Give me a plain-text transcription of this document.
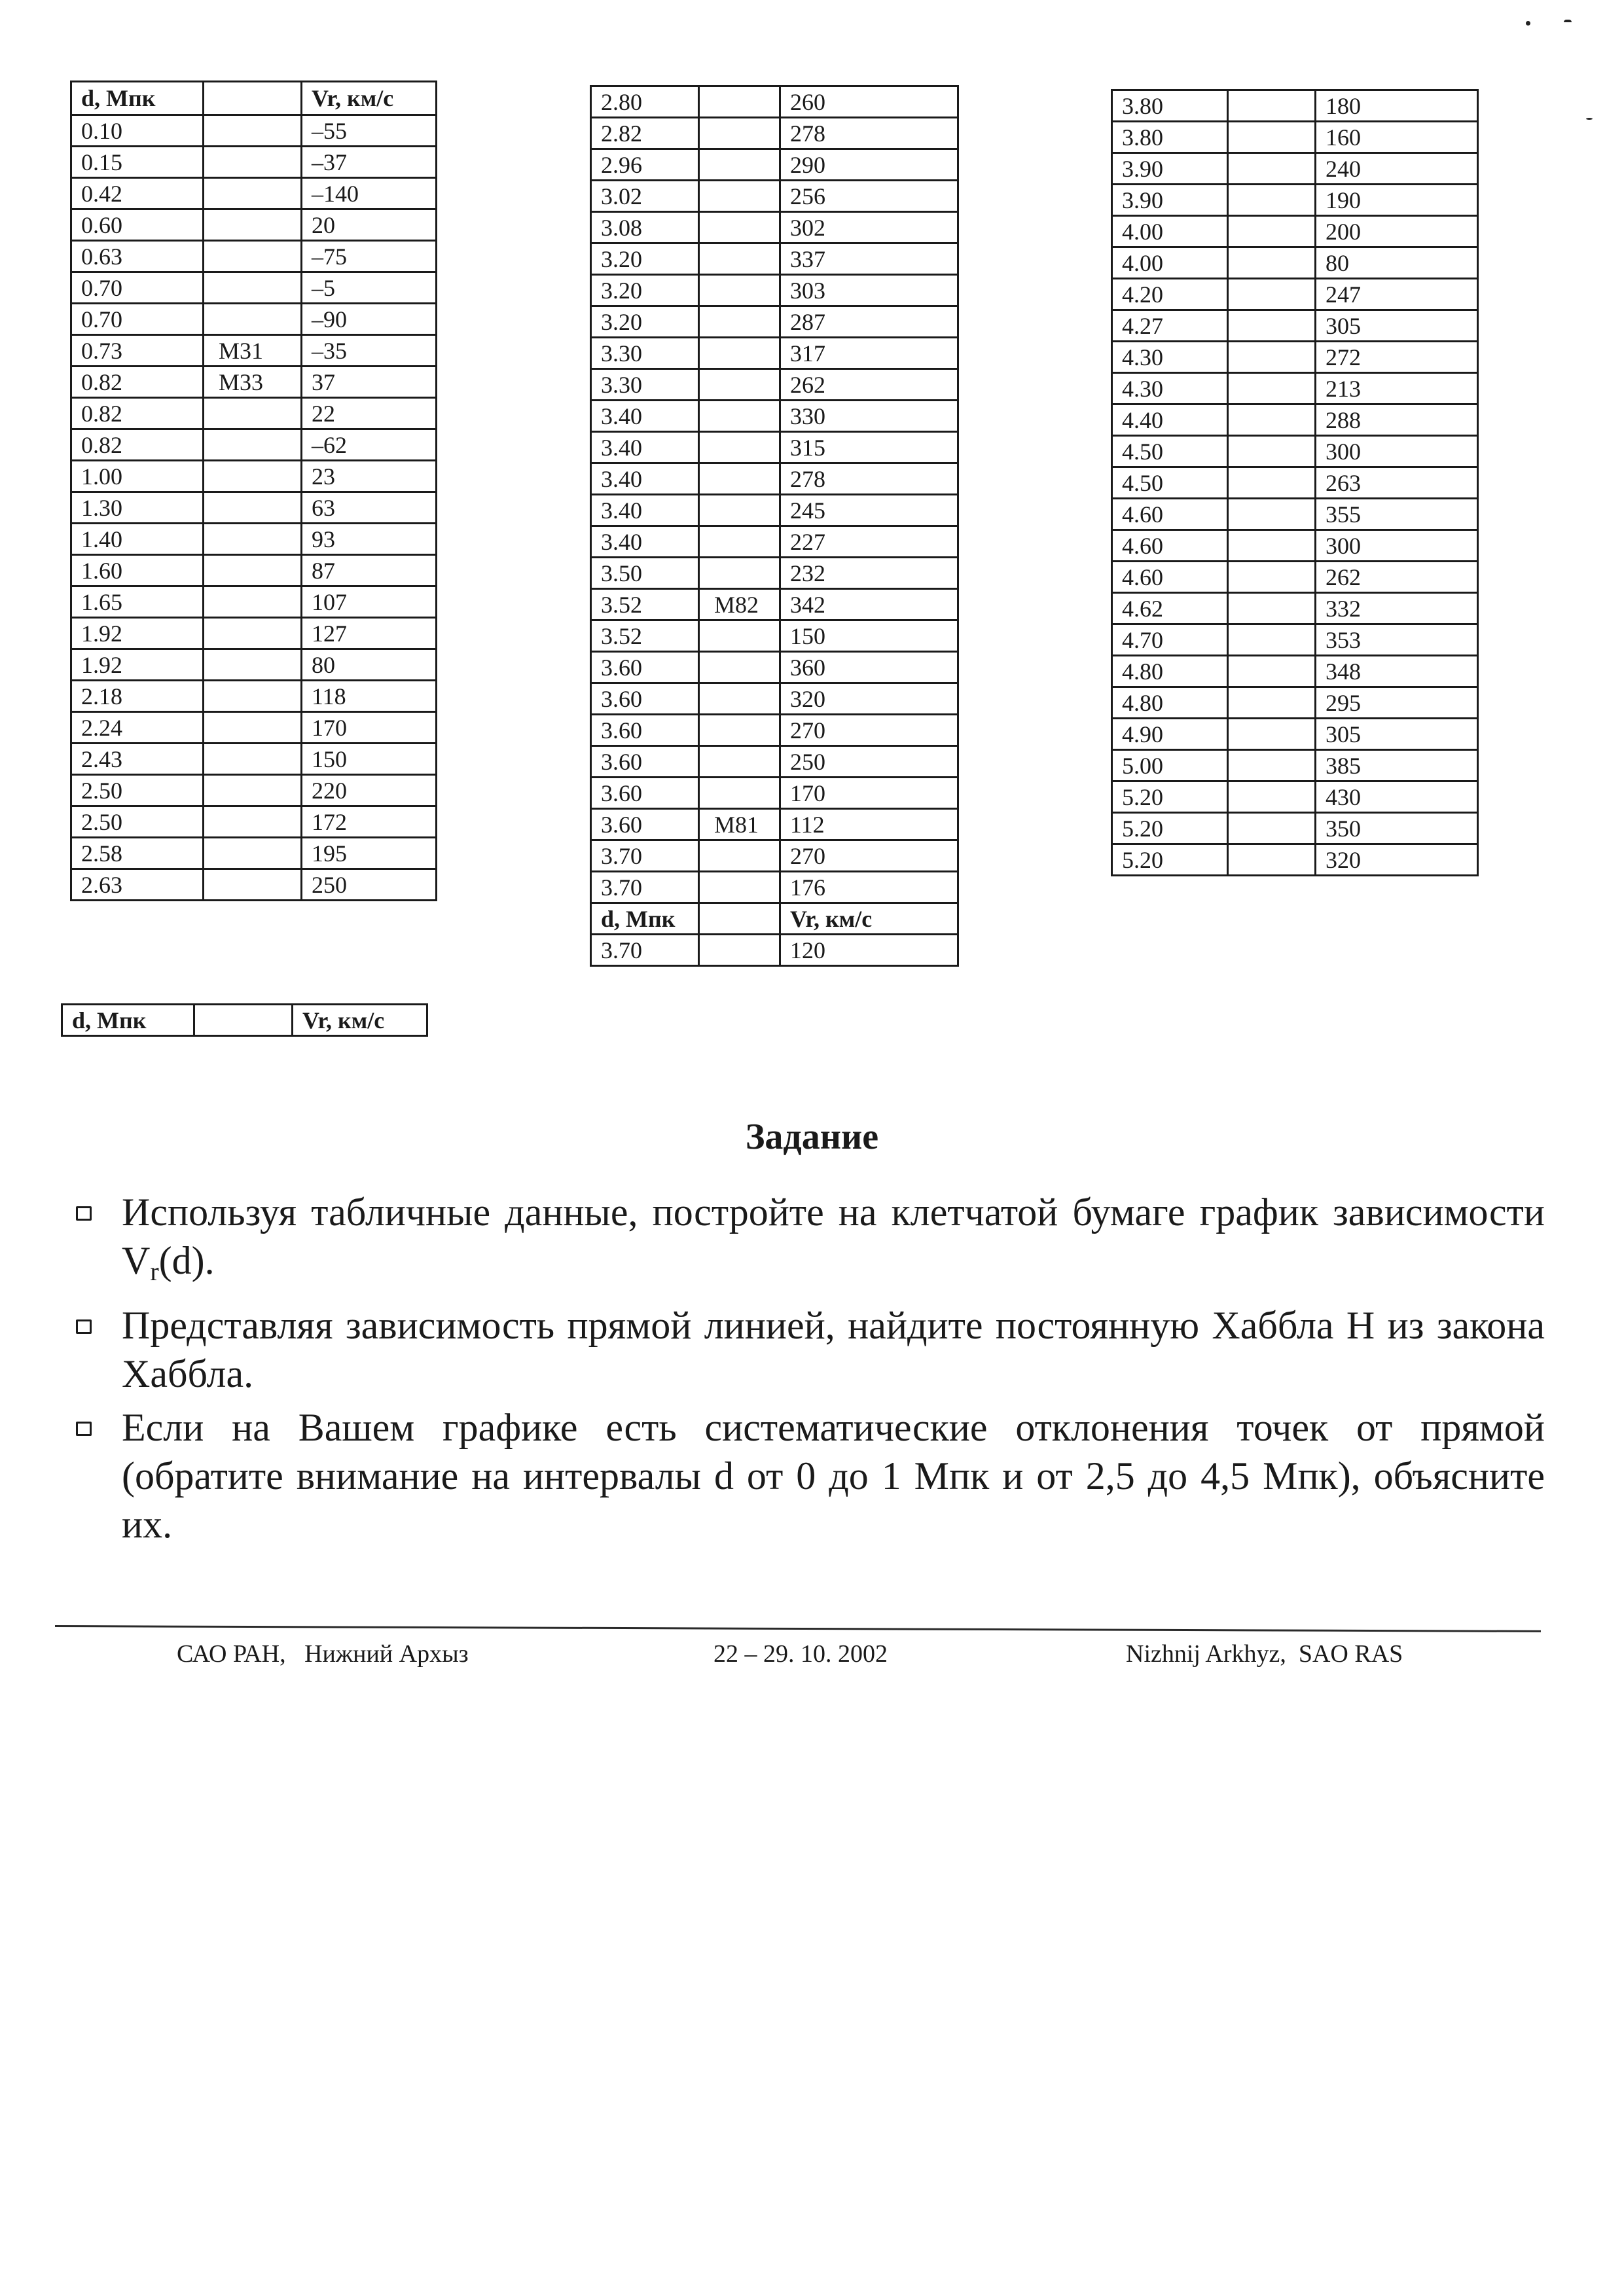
d, Мпк		Vr, км/с
0.10		–55
0.15		–37
0.42		–140
0.60		20
0.63		–75
0.70		–5
0.70		–90
0.73	M31	–35
0.82	M33	37
0.82		22
0.82		–62
1.00		23
1.30		63
1.40		93
1.60		87
1.65		107
1.92		127
1.92		80
2.18		118
2.24		170
2.43		150
2.50		220
2.50		172
2.58		195
2.63		250
d, Мпк		Vr, км/с
2.80		260
2.82		278
2.96		290
3.02		256
3.08		302
3.20		337
3.20		303
3.20		287
3.30		317
3.30		262
3.40		330
3.40		315
3.40		278
3.40		245
3.40		227
3.50		232
3.52	M82	342
3.52		150
3.60		360
3.60		320
3.60		270
3.60		250
3.60		170
3.60	M81	112
3.70		270
3.70		176
d, Мпк		Vr, км/с
3.70		120
3.80		180
3.80		160
3.90		240
3.90		190
4.00		200
4.00		80
4.20		247
4.27		305
4.30		272
4.30		213
4.40		288
4.50		300
4.50		263
4.60		355
4.60		300
4.60		262
4.62		332
4.70		353
4.80		348
4.80		295
4.90		305
5.00		385
5.20		430
5.20		350
5.20		320
Задание
Используя табличные данные, постройте на клетчатой бумаге график зависимости $V_r(d)$.
Представляя зависимость прямой линией, найдите постоянную Хаббла H из закона Хаббла.
Если на Вашем графике есть систематические отклонения точек от прямой (обратите внимание на интервалы d от 0 до 1 Мпк и от 2,5 до 4,5 Мпк), объясните их.
САО РАН,   Нижний Архыз	22 – 29. 10. 2002	Nizhnij Arkhyz,  SAO RAS
